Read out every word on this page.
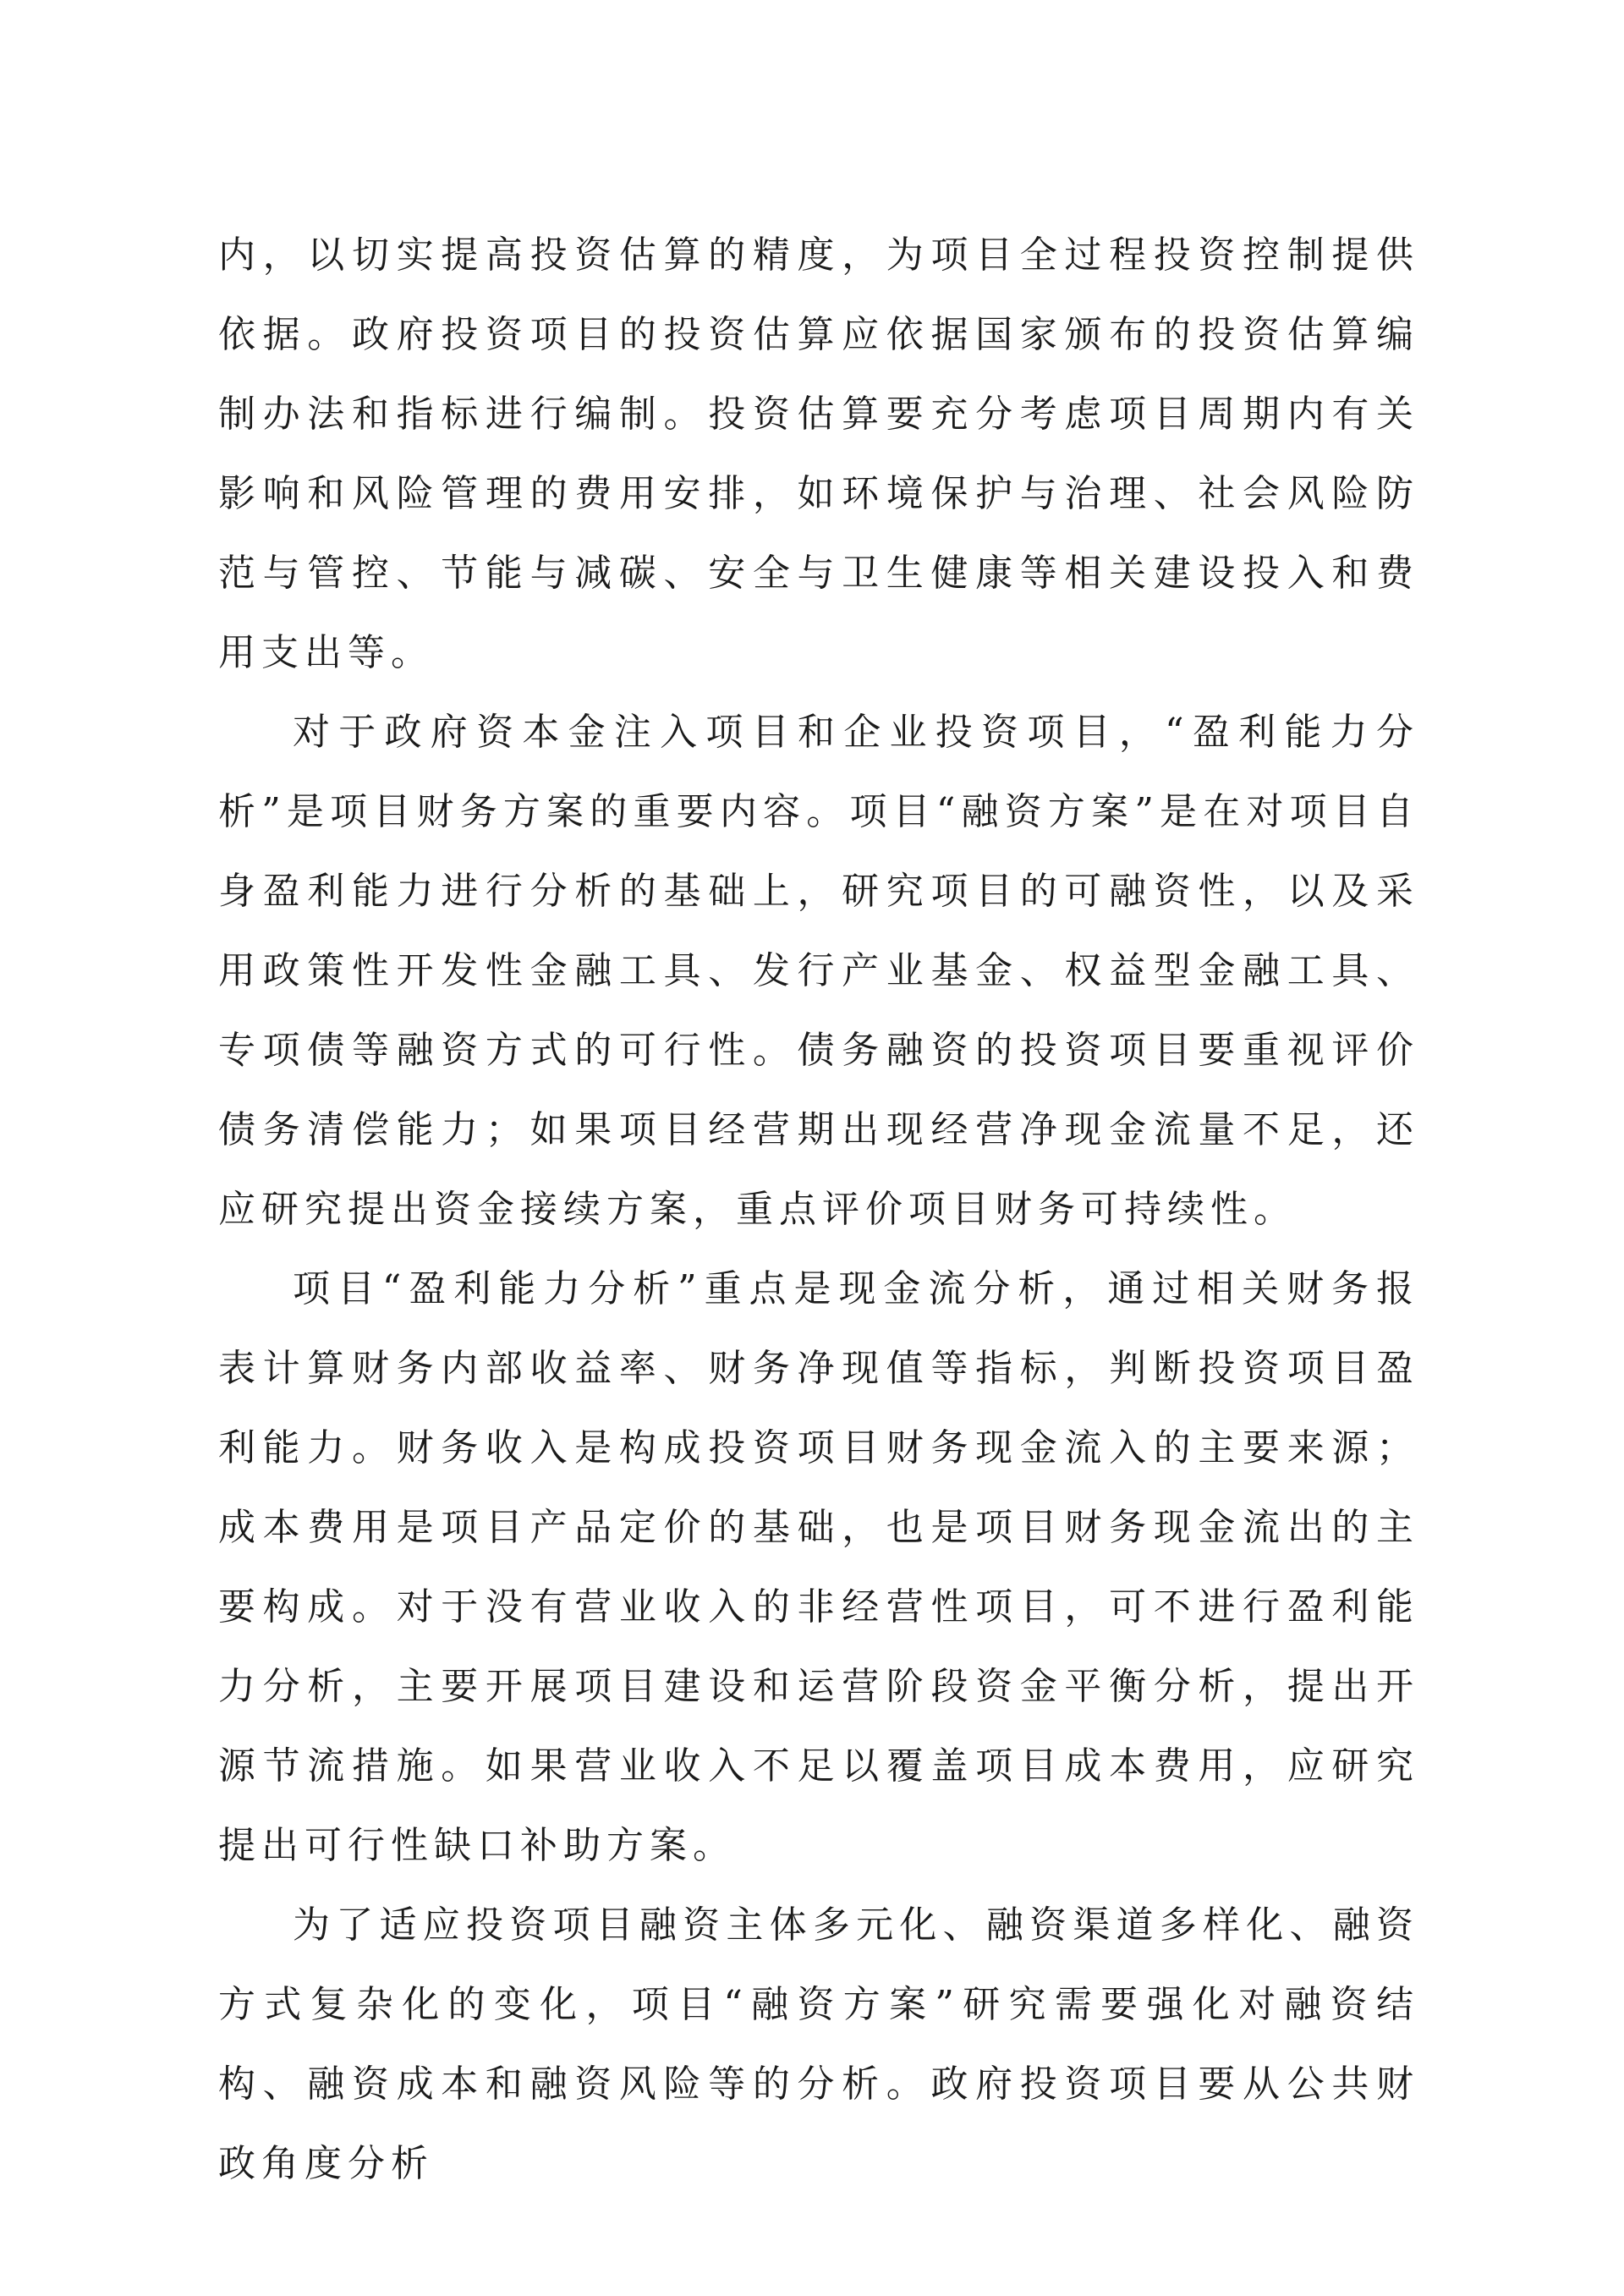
内，以切实提高投资估算的精度，为项目全过程投资控制提供依据。政府投资项目的投资估算应依据国家颁布的投资估算编制办法和指标进行编制。投资估算要充分考虑项目周期内有关影响和风险管理的费用安排，如环境保护与治理、社会风险防范与管控、节能与减碳、安全与卫生健康等相关建设投入和费用支出等。

对于政府资本金注入项目和企业投资项目，“盈利能力分析”是项目财务方案的重要内容。项目“融资方案”是在对项目自身盈利能力进行分析的基础上，研究项目的可融资性，以及采用政策性开发性金融工具、发行产业基金、权益型金融工具、专项债等融资方式的可行性。债务融资的投资项目要重视评价债务清偿能力；如果项目经营期出现经营净现金流量不足，还应研究提出资金接续方案，重点评价项目财务可持续性。

项目“盈利能力分析”重点是现金流分析，通过相关财务报表计算财务内部收益率、财务净现值等指标，判断投资项目盈利能力。财务收入是构成投资项目财务现金流入的主要来源；成本费用是项目产品定价的基础，也是项目财务现金流出的主要构成。对于没有营业收入的非经营性项目，可不进行盈利能力分析，主要开展项目建设和运营阶段资金平衡分析，提出开源节流措施。如果营业收入不足以覆盖项目成本费用，应研究提出可行性缺口补助方案。

为了适应投资项目融资主体多元化、融资渠道多样化、融资方式复杂化的变化，项目“融资方案”研究需要强化对融资结构、融资成本和融资风险等的分析。政府投资项目要从公共财政角度分析
